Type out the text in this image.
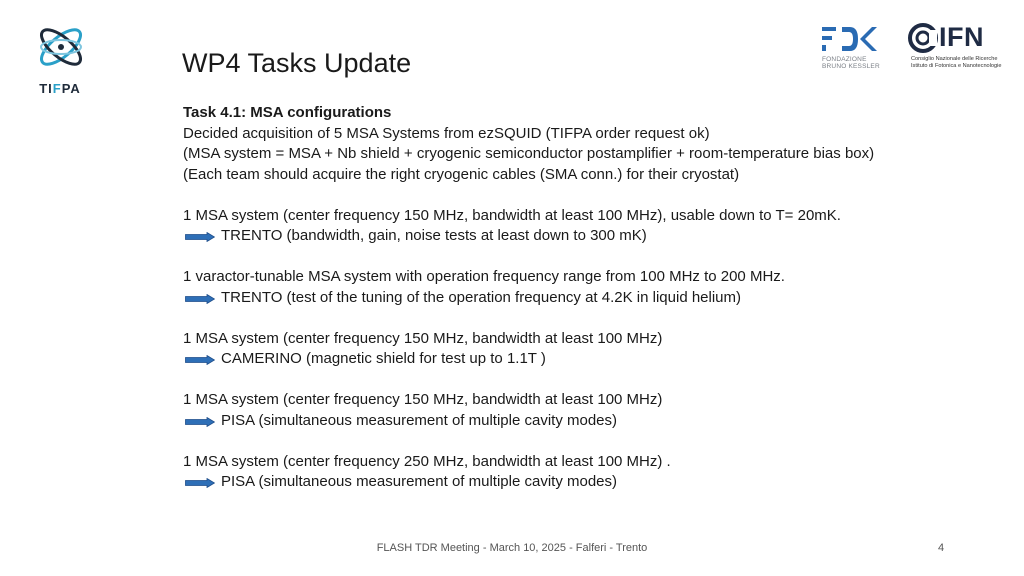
TIFPA
FONDAZIONE
BRUNO KESSLER
IFN
Consiglio Nazionale delle Ricerche
Istituto di Fotonica e Nanotecnologie
WP4 Tasks Update
Task 4.1: MSA configurations
Decided acquisition of 5 MSA Systems from ezSQUID (TIFPA order request ok)
(MSA system = MSA + Nb shield + cryogenic semiconductor postamplifier + room-temperature bias box)
(Each team should acquire the right cryogenic cables (SMA conn.) for their cryostat)
1 MSA system (center frequency 150 MHz, bandwidth at least 100 MHz), usable down to T= 20mK.
TRENTO (bandwidth, gain, noise tests at least down to 300 mK)
1 varactor-tunable MSA system with operation frequency range from 100 MHz to 200 MHz.
TRENTO (test of the tuning of the operation frequency at 4.2K in liquid helium)
1 MSA system (center frequency 150 MHz, bandwidth at least 100 MHz)
CAMERINO (magnetic shield for test up to 1.1T )
1 MSA system (center frequency 150 MHz, bandwidth at least 100 MHz)
PISA (simultaneous measurement of multiple cavity modes)
1 MSA system (center frequency 250 MHz, bandwidth at least 100 MHz) .
PISA (simultaneous measurement of multiple cavity modes)
FLASH TDR Meeting - March 10, 2025 - Falferi - Trento	4
